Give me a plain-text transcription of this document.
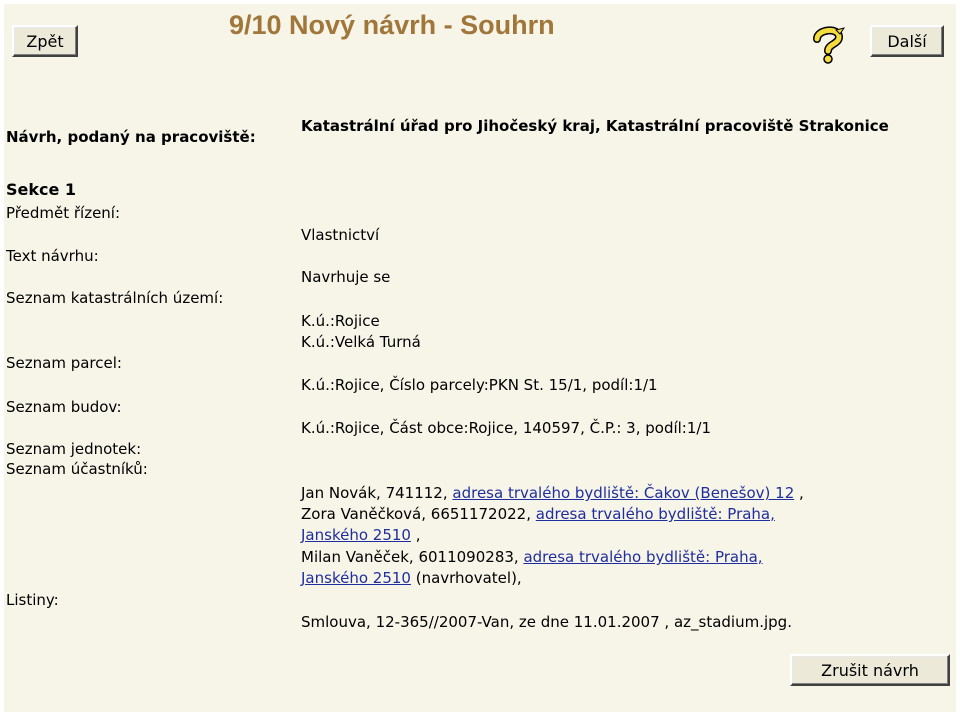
Zpět
9/10 Nový návrh - Souhrn
Další
Návrh, podaný na pracoviště:
Katastrální úřad pro Jihočeský kraj, Katastrální pracoviště Strakonice
Sekce 1
Předmět řízení:
Vlastnictví
Text návrhu:
Navrhuje se
Seznam katastrálních území:
K.ú.:Rojice
K.ú.:Velká Turná
Seznam parcel:
K.ú.:Rojice, Číslo parcely:PKN St. 15/1, podíl:1/1
Seznam budov:
K.ú.:Rojice, Část obce:Rojice, 140597, Č.P.: 3, podíl:1/1
Seznam jednotek:
Seznam účastníků:
Jan Novák, 741112, adresa trvalého bydliště: Čakov (Benešov) 12 ,
Zora Vaněčková, 6651172022, adresa trvalého bydliště: Praha,
Janského 2510 ,
Milan Vaněček, 6011090283, adresa trvalého bydliště: Praha,
Janského 2510 (navrhovatel),
Listiny:
Smlouva, 12-365//2007-Van, ze dne 11.01.2007 , az_stadium.jpg.
Zrušit návrh
